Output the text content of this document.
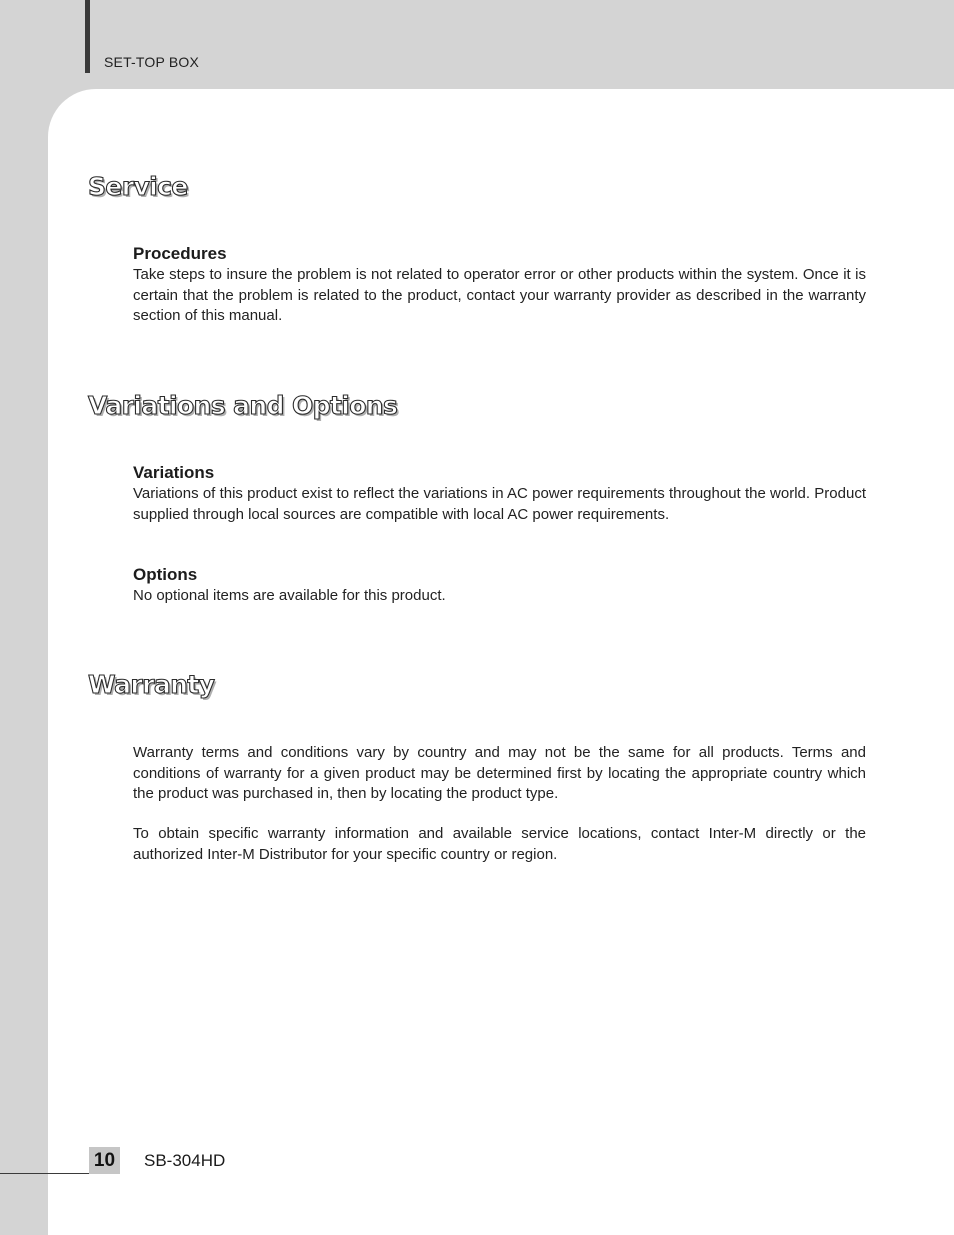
SET-TOP BOX
Service
Procedures

Take steps to insure the problem is not related to operator error or other products within the system. Once it is certain that the problem is related to the product, contact your warranty provider as described in the warranty section of this manual.

Variations and Options
Variations

Variations of this product exist to reflect the variations in AC power requirements throughout the world. Product supplied through local sources are compatible with local AC power requirements.

Options

No optional items are available for this product.

Warranty

Warranty terms and conditions vary by country and may not be the same for all products. Terms and conditions of warranty for a given product may be determined first by locating the appropriate country which the product was purchased in, then by locating the product type.

To obtain specific warranty information and available service locations, contact Inter-M directly or the authorized Inter-M Distributor for your specific country or region.

10 SB-304HD
